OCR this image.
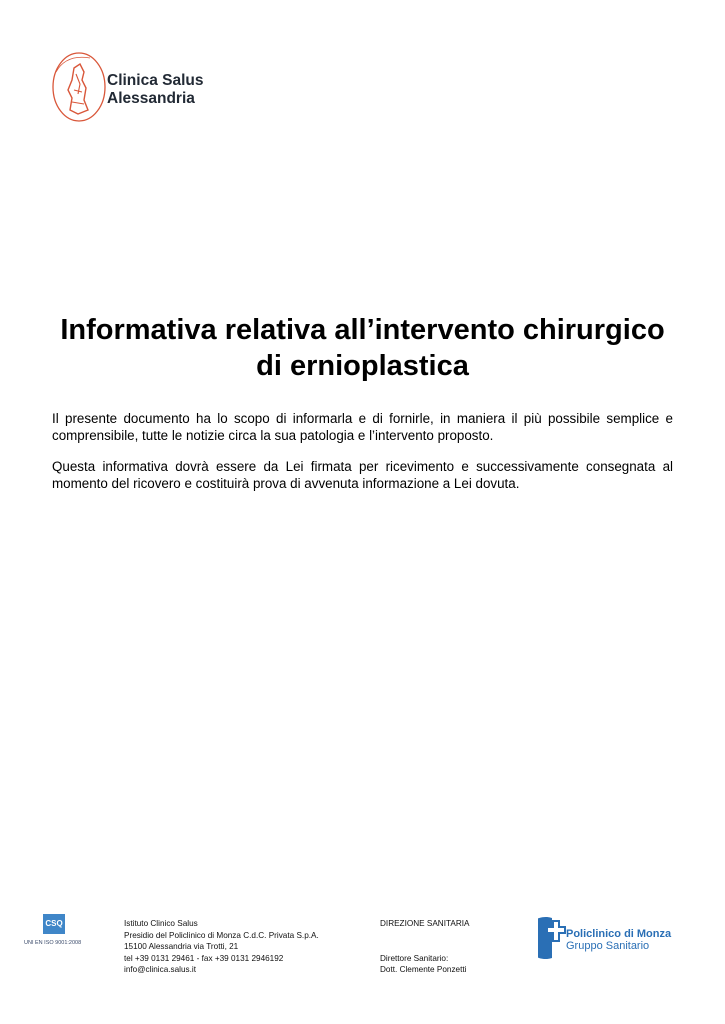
Clinica Salus
Alessandria
Informativa relativa all’intervento chirurgico
di ernioplastica

Il presente documento ha lo scopo di informarla e di fornirle, in maniera il più possibile semplice e comprensibile, tutte le notizie circa la sua patologia e l’intervento proposto.

Questa informativa dovrà essere da Lei firmata per ricevimento e successivamente consegnata al momento del ricovero e costituirà prova di avvenuta informazione a Lei dovuta.

CSQ
UNI EN ISO 9001:2008
Istituto Clinico Salus
Presidio del Policlinico di Monza C.d.C. Privata S.p.A.
15100 Alessandria via Trotti, 21
tel +39 0131 29461 - fax +39 0131 2946192
info@clinica.salus.it
DIREZIONE SANITARIA
Direttore Sanitario:
Dott. Clemente Ponzetti
Policlinico di Monza
Gruppo Sanitario
